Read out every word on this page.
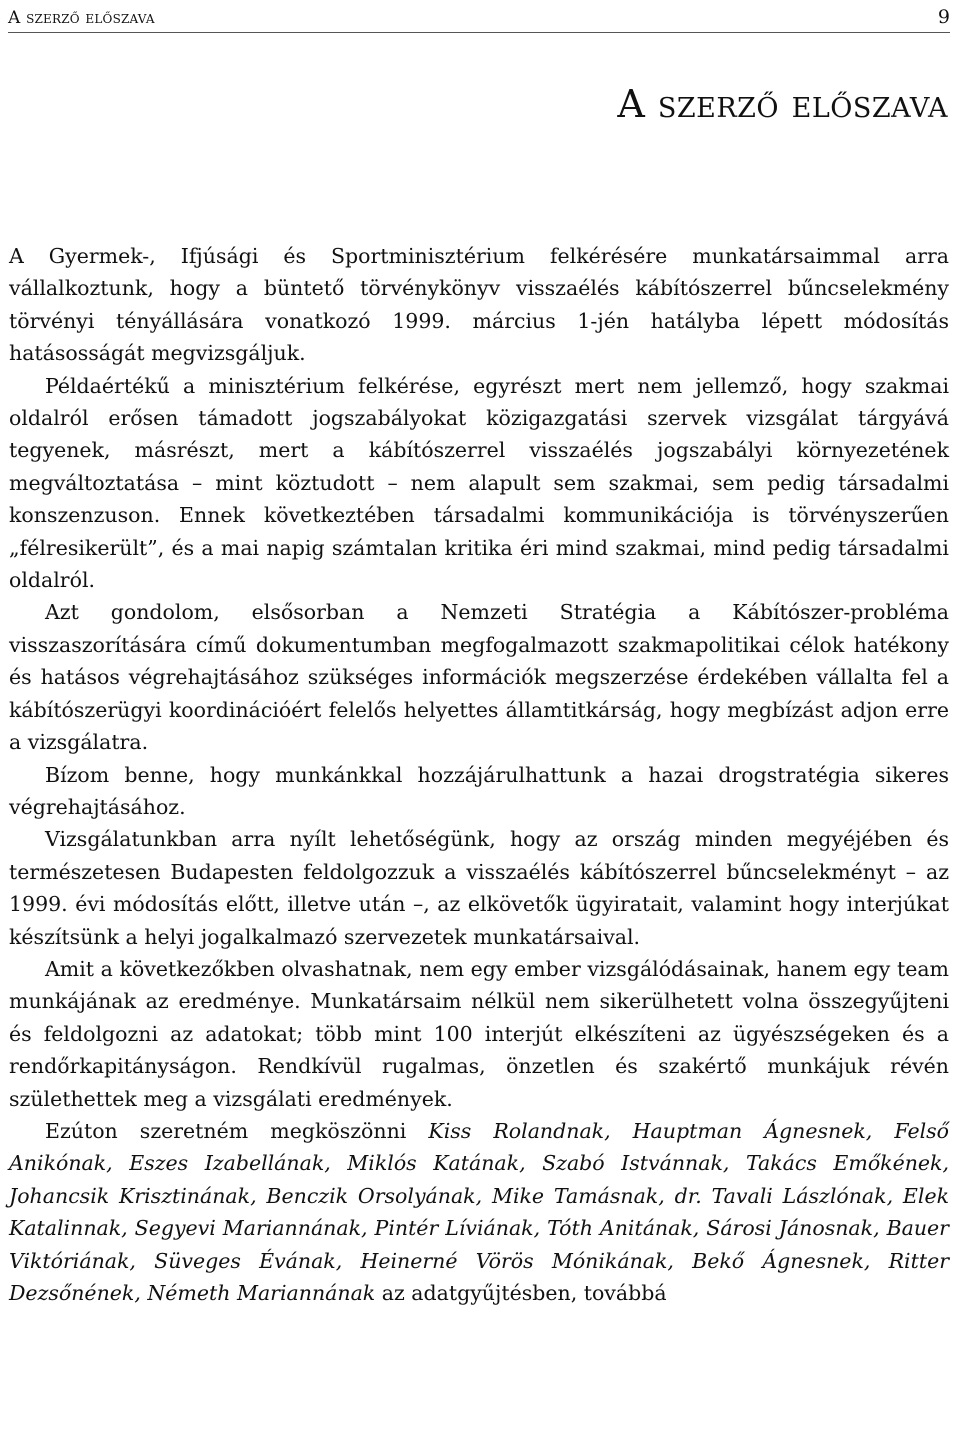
A szerző előszava	9
A szerző előszava

A Gyermek-, Ifjúsági és Sportminisztérium felkérésére munkatársaimmal arra vállalkoztunk, hogy a büntető törvénykönyv visszaélés kábítószerrel bűncselekmény törvényi tényállására vonatkozó 1999. március 1-jén hatályba lépett módosítás hatásosságát megvizsgáljuk.

Példaértékű a minisztérium felkérése, egyrészt mert nem jellemző, hogy szakmai oldalról erősen támadott jogszabályokat közigazgatási szervek vizsgálat tárgyává tegyenek, másrészt, mert a kábítószerrel visszaélés jogszabályi környezetének megváltoztatása – mint köztudott – nem alapult sem szakmai, sem pedig társadalmi konszenzuson. Ennek következtében társadalmi kommunikációja is törvényszerűen „félresikerült”, és a mai napig számtalan kritika éri mind szakmai, mind pedig társadalmi oldalról.

Azt gondolom, elsősorban a Nemzeti Stratégia a Kábítószer-probléma visszaszorítására című dokumentumban megfogalmazott szakmapolitikai célok hatékony és hatásos végrehajtásához szükséges információk megszerzése érdekében vállalta fel a kábítószerügyi koordinációért felelős helyettes államtitkárság, hogy megbízást adjon erre a vizsgálatra.

Bízom benne, hogy munkánkkal hozzájárulhattunk a hazai drogstratégia sikeres végrehajtásához.

Vizsgálatunkban arra nyílt lehetőségünk, hogy az ország minden megyéjében és természetesen Budapesten feldolgozzuk a visszaélés kábítószerrel bűncselekményt – az 1999. évi módosítás előtt, illetve után –, az elkövetők ügyiratait, valamint hogy interjúkat készítsünk a helyi jogalkalmazó szervezetek munkatársaival.

Amit a következőkben olvashatnak, nem egy ember vizsgálódásainak, hanem egy team munkájának az eredménye. Munkatársaim nélkül nem sikerülhetett volna összegyűjteni és feldolgozni az adatokat; több mint 100 interjút elkészíteni az ügyészségeken és a rendőrkapitányságon. Rendkívül rugalmas, önzetlen és szakértő munkájuk révén születhettek meg a vizsgálati eredmények.

Ezúton szeretném megköszönni Kiss Rolandnak, Hauptman Ágnesnek, Felső Anikónak, Eszes Izabellának, Miklós Katának, Szabó Istvánnak, Takács Emőkének, Johancsik Krisztinának, Benczik Orsolyának, Mike Tamásnak, dr. Tavali Lászlónak, Elek Katalinnak, Segyevi Mariannának, Pintér Líviának, Tóth Anitának, Sárosi Jánosnak, Bauer Viktóriának, Süveges Évának, Heinerné Vörös Mónikának, Bekő Ágnesnek, Ritter Dezsőnének, Németh Mariannának az adatgyűjtésben, továbbá
